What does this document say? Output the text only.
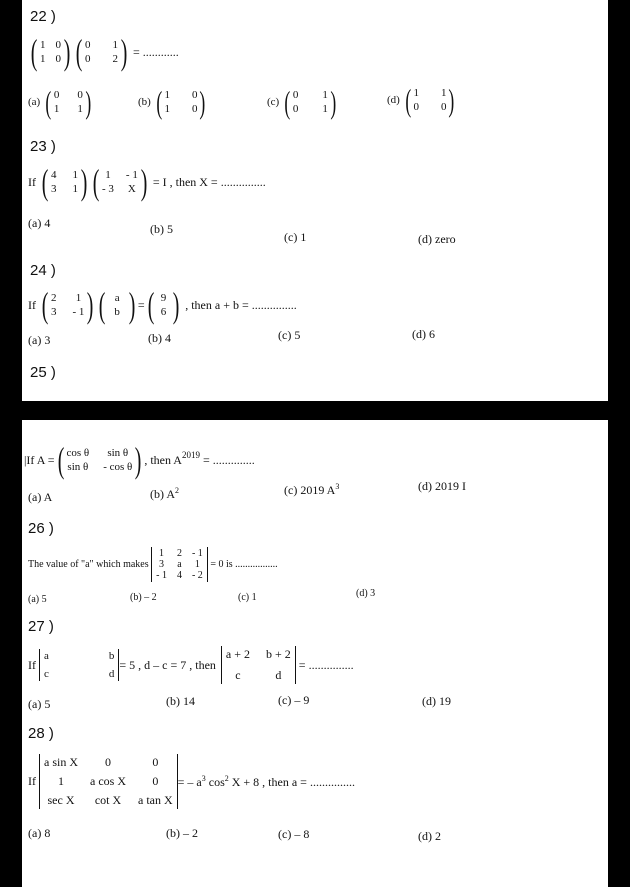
22 )
( 1 0
1 0 ) ( 0 1
0 2 ) = ............
(a) ( 0 0
1 1 )	(b) ( 1 0
1 0 )	(c) ( 0 1
0 1 )	(d) ( 1 1
0 0 )
23 )
If ( 4 1
3 1 ) ( 1 - 1
- 3 X ) = I , then X = ...............
(a) 4	(b) 5
(c) 1	(d) zero
24 )
If ( 2 1
3 - 1 ) ( a
b ) = ( 9
6 ) , then a + b = ...............
(a) 3	(b) 4	(c) 5	(d) 6
25 )
|If A = ( cos θ	sin θ
sin θ - cos θ ) , then $A^{2019}$ = ..............
(a) A	(b) $A^2$	(c) 2019 $A^3$	(d) 2019 I
26 )
The value of "a" which makes
1 2 - 1
3 a 1
- 1 4 - 2
= 0 is .................
(a) 5	(b) – 2	(c) 1	(d) 3
27 )
If
a	b
c	d
= 5 , d – c = 7 , then
a + 2 b + 2
c	d
= ...............
(a) 5	(b) 14	(c) – 9	(d) 19
28 )
If
a sin X	0	0
1	a cos X	0
sec X	cot X	a tan X
= – $a^3$ $\cos^2 X + 8$ , then a = ...............
(a) 8	(b) – 2	(c) – 8	(d) 2
